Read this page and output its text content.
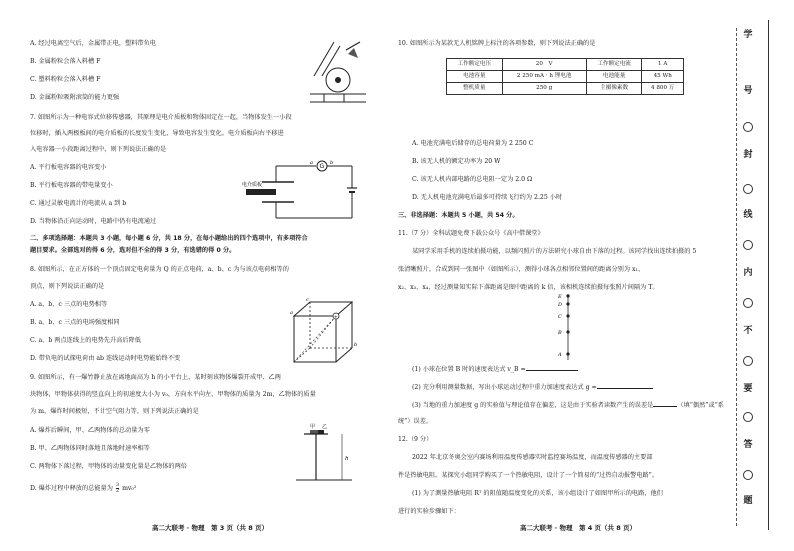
A. 经过电离空气后，金属带正电，塑料带负电
B. 金属粉粒会落入料槽 F
C. 塑料粉粒会落入料槽 F
D. 金属粉粒吸附滚筒的能力更强
7. 如图所示为一种电容式位移传感器，其原理是电介质板和物体固定在一起，当物体发生一小段
位移时，插入两极板间的电介质板的长度发生变化，导致电容发生变化。电介质板向右平移进
入电容器一小段距离过程中，则下列说法正确的是
A. 平行板电容器的电容变小
B. 平行板电容器的带电量变小
C. 通过灵敏电流计的电流从 a 到 b
D. 当物体沿正向运动时，电路中仍有电流通过
二、多项选择题：本题共 3 小题，每小题 6 分，共 18 分，在每小题给出的四个选项中，有多项符合
题目要求。全部选对的得 6 分，选对但不全的得 3 分，有选错的得 0 分。
8. 如图所示，在正方体的一个顶点固定电荷量为 Q 的正点电荷，a、b、c 为与该点电荷相等的
顶点，则下列说法正确的是
A. a、b、c 三点的电势相等
B. a、b、c 三点的电场强度相同
C. a、b 两点连线上的电势先升高后降低
D. 带负电的试探电荷由 ab 连线运动时电势能始终不变
9. 如图所示，有一爆竹静止放在离地面高为 h 的小平台上，某时刻该物体爆裂开成甲、乙两
块物体，甲物体获得的竖直向上的初速度大小为 v₀，方向水平向左，甲物体的质量为 2m，乙物体的质量
为 m，爆炸时间极短，不计空气阻力等，则下列说法正确的是
A. 爆炸后瞬间，甲、乙两物体的总动量为零
B. 甲、乙两物体同时落地且落地时速率相等
C. 两物体下落过程，甲物体的动量变化量是乙物体的两倍
D. 爆炸过程中释放的总能量为 $\frac{3}{2} mv_0^2$
G
电介质板
a	b
+
a
b
c
甲 乙
h
高二大联考 · 物理　第 3 页（共 8 页）
10. 如图所示为某款无人机铭牌上标注的各项参数，则下列说法正确的是
A. 电池充满电后储存的总电荷量为 2 250 C
B. 该无人机的额定功率为 20 W
C. 该无人机内部电路的总电阻一定为 2.0 Ω
D. 无人机电池充满电后最多可持续飞行约为 2.25 小时
三、非选择题：本题共 5 小题，共 54 分。
11.（7 分）全科试题免费下载公众号《高中借课堂》
某同学采用手机的连续拍摄功能，以频闪照片的方法研究小球自由下落的过程。该同学找出连续拍摄的 5
张清晰照片，合成到同一张图中（如图所示），测得小球各点相邻位置间的距离分别为 x₁、
x₂、x₃、x₄，经过测量知实际下落距离是图中距离的 k 倍，该相机连续拍摄每张照片间隔为 T。
(1) 小球在位置 B 时的速度表达式 v_B =
(2) 充分利用测量数据，写出小球运动过程中重力加速度表达式 g =
(3) 当地的重力加速度 g 的实验值与理论值存在偏差，这是由于实验者读数产生的误差是	（填“偶然”或“系
统”）误差。
12.（9 分）
2022 年北京冬奥会室内赛场利用温度传感器实时监控赛场温度，而温度传感器的主要部
件是热敏电阻。某探究小组同学购买了一个热敏电阻，设计了一个简易的“过热自动报警电路”。
(1) 为了测量热敏电阻 Rᵀ 的阻值随温度变化的关系，该小组设计了如图甲所示的电路，他们
进行的实验步骤如下：
工作额定电压	20　V	工作额定电流	1 A
电池容量	2 250 mA · h 锂电池	电池能量	45 Wh
整机质量	250 g	主摄像素数	4 800 万
E
D
C
B
A
高二大联考 · 物理　第 4 页（共 8 页）
学
号
封
线
内
不
要
答
题
